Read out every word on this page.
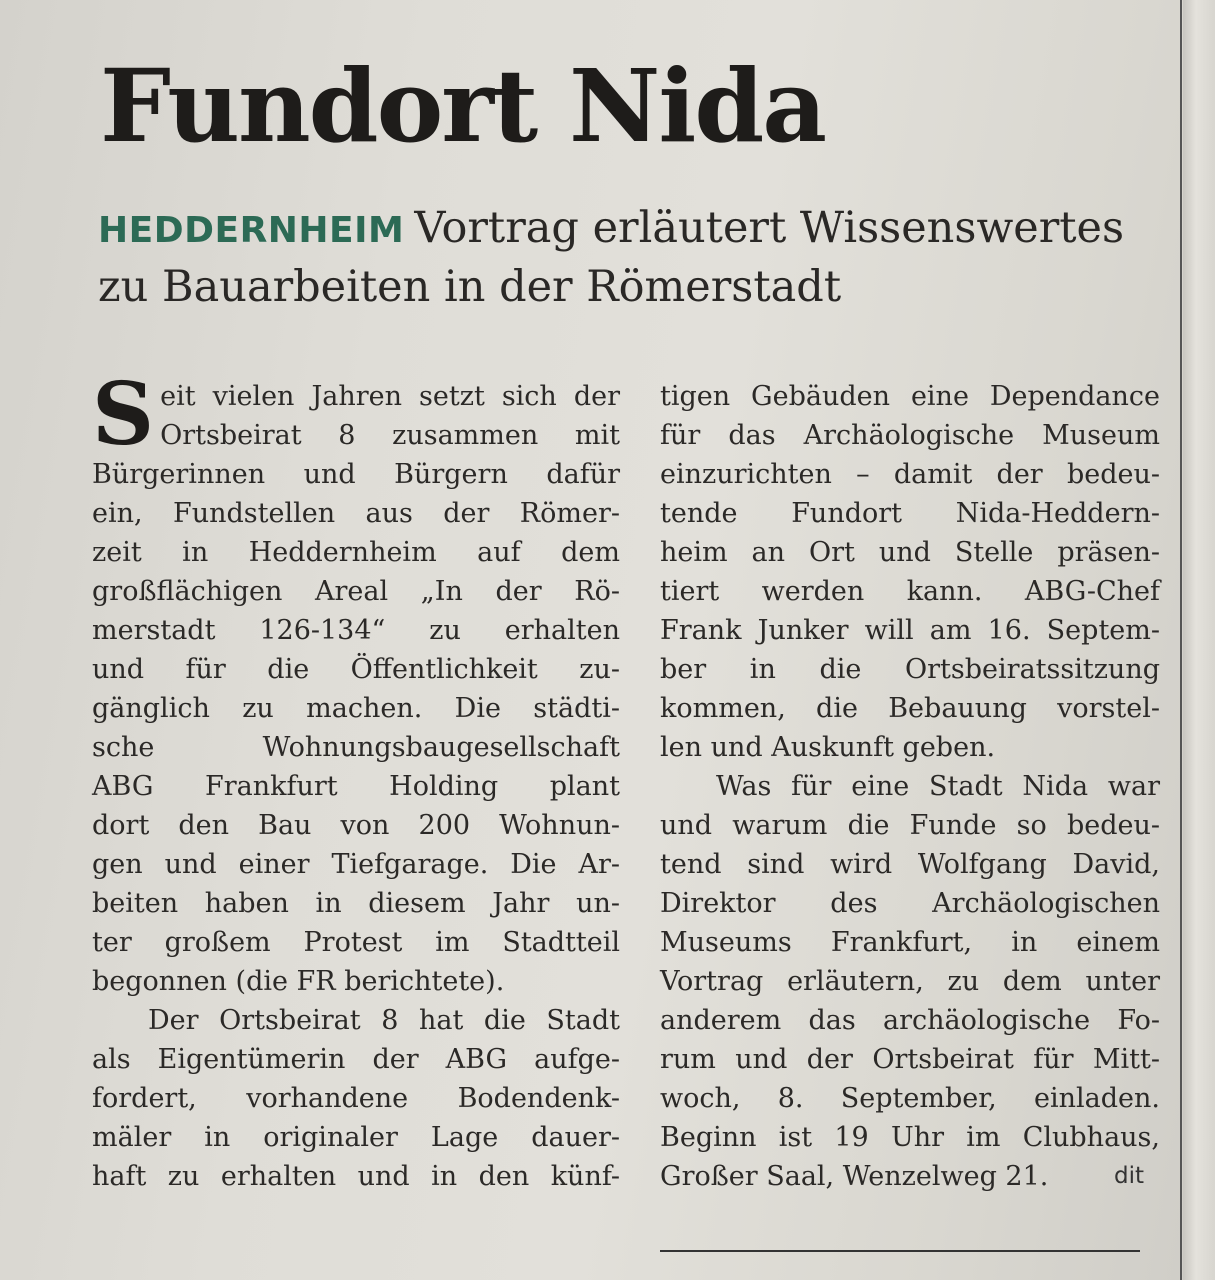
Fundort Nida
HEDDERNHEIM Vortrag erläutert Wissenswertes zu Bauarbeiten in der Römerstadt
S eit vielen Jahren setzt sich der
Ortsbeirat 8 zusammen mit
Bürgerinnen und Bürgern dafür
ein, Fundstellen aus der Römer-
zeit in Heddernheim auf dem
großflächigen Areal „In der Rö-
merstadt 126-134“ zu erhalten
und für die Öffentlichkeit zu-
gänglich zu machen. Die städti-
sche Wohnungsbaugesellschaft
ABG Frankfurt Holding plant
dort den Bau von 200 Wohnun-
gen und einer Tiefgarage. Die Ar-
beiten haben in diesem Jahr un-
ter großem Protest im Stadtteil
begonnen (die FR berichtete).
Der Ortsbeirat 8 hat die Stadt
als Eigentümerin der ABG aufge-
fordert, vorhandene Bodendenk-
mäler in originaler Lage dauer-
haft zu erhalten und in den künf-
tigen Gebäuden eine Dependance
für das Archäologische Museum
einzurichten – damit der bedeu-
tende Fundort Nida-Heddern-
heim an Ort und Stelle präsen-
tiert werden kann. ABG-Chef
Frank Junker will am 16. Septem-
ber in die Ortsbeiratssitzung
kommen, die Bebauung vorstel-
len und Auskunft geben.
Was für eine Stadt Nida war
und warum die Funde so bedeu-
tend sind wird Wolfgang David,
Direktor des Archäologischen
Museums Frankfurt, in einem
Vortrag erläutern, zu dem unter
anderem das archäologische Fo-
rum und der Ortsbeirat für Mitt-
woch, 8. September, einladen.
Beginn ist 19 Uhr im Clubhaus,
Großer Saal, Wenzelweg 21.	dit
